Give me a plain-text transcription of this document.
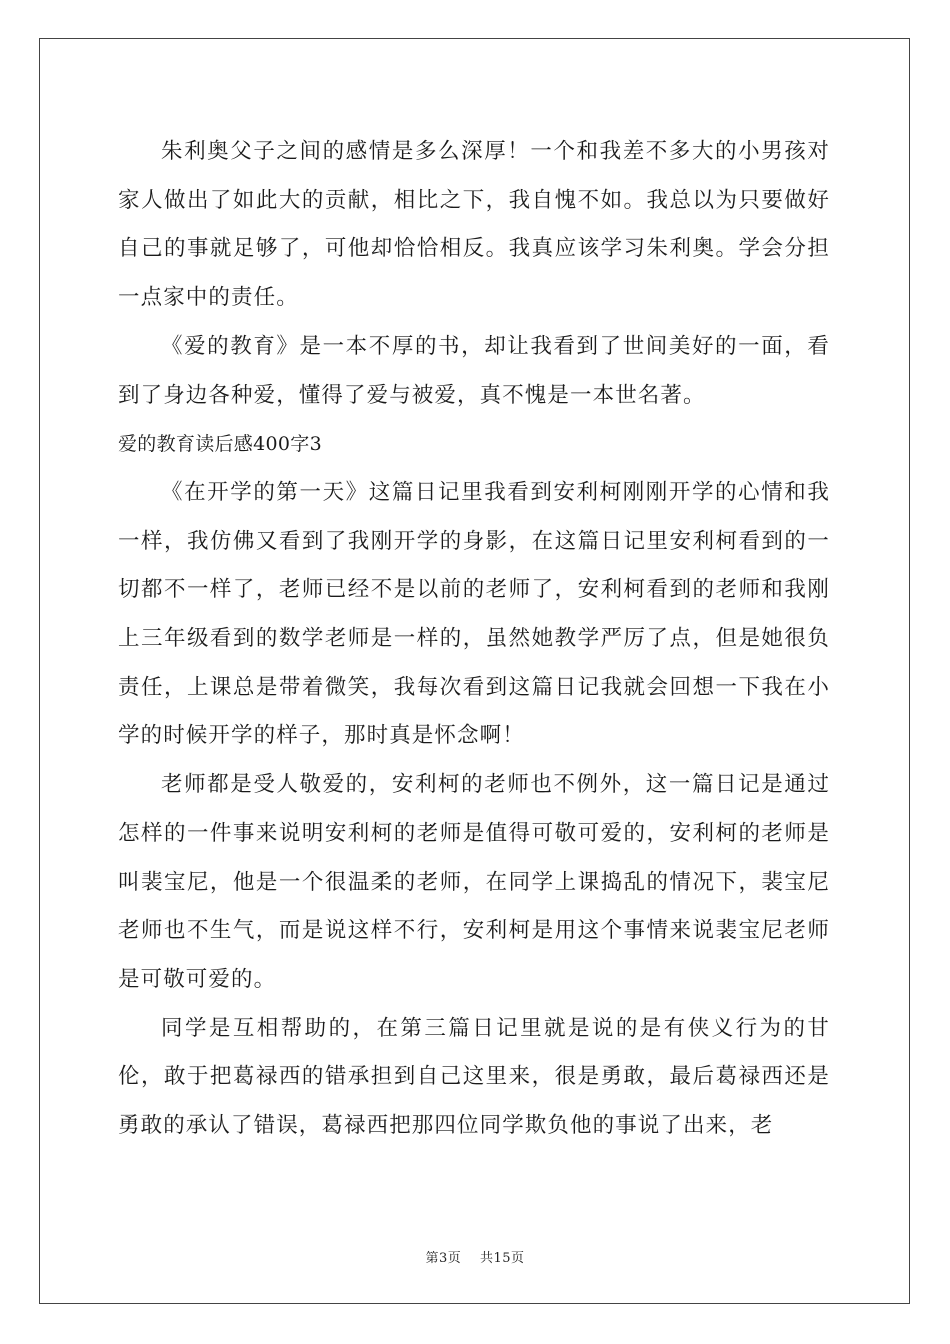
朱利奥父子之间的感情是多么深厚！一个和我差不多大的小男孩对家人做出了如此大的贡献，相比之下，我自愧不如。我总以为只要做好自己的事就足够了，可他却恰恰相反。我真应该学习朱利奥。学会分担一点家中的责任。

《爱的教育》是一本不厚的书，却让我看到了世间美好的一面，看到了身边各种爱，懂得了爱与被爱，真不愧是一本世名著。

爱的教育读后感400字3

《在开学的第一天》这篇日记里我看到安利柯刚刚开学的心情和我一样，我仿佛又看到了我刚开学的身影，在这篇日记里安利柯看到的一切都不一样了，老师已经不是以前的老师了，安利柯看到的老师和我刚上三年级看到的数学老师是一样的，虽然她教学严厉了点，但是她很负责任，上课总是带着微笑，我每次看到这篇日记我就会回想一下我在小学的时候开学的样子，那时真是怀念啊！

老师都是受人敬爱的，安利柯的老师也不例外，这一篇日记是通过怎样的一件事来说明安利柯的老师是值得可敬可爱的，安利柯的老师是叫裴宝尼，他是一个很温柔的老师，在同学上课捣乱的情况下，裴宝尼老师也不生气，而是说这样不行，安利柯是用这个事情来说裴宝尼老师是可敬可爱的。

同学是互相帮助的，在第三篇日记里就是说的是有侠义行为的甘伦，敢于把葛禄西的错承担到自己这里来，很是勇敢，最后葛禄西还是勇敢的承认了错误，葛禄西把那四位同学欺负他的事说了出来，老

第3页 共15页
